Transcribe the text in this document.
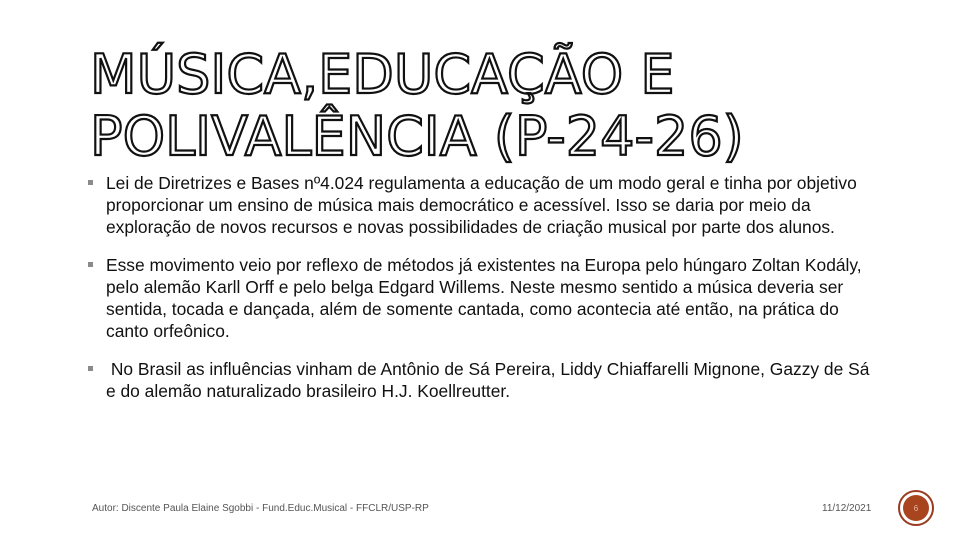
MÚSICA,EDUCAÇÃO E
POLIVALÊNCIA (P-24-26)
Lei de Diretrizes e Bases nº4.024 regulamenta a educação de um modo geral e tinha por objetivo proporcionar um ensino de música mais democrático e acessível. Isso se daria por meio da exploração de novos recursos e novas possibilidades de criação musical por parte dos alunos.
Esse movimento veio por reflexo de métodos já existentes na Europa pelo húngaro Zoltan Kodály, pelo alemão Karll Orff e pelo belga Edgard Willems. Neste mesmo sentido a música deveria ser sentida, tocada e dançada, além de somente cantada, como acontecia até então, na prática do canto orfeônico.
No Brasil as influências vinham de Antônio de Sá Pereira, Liddy Chiaffarelli Mignone, Gazzy de Sá e do alemão naturalizado brasileiro H.J. Koellreutter.
Autor: Discente Paula Elaine Sgobbi - Fund.Educ.Musical - FFCLR/USP-RP	11/12/2021	6
